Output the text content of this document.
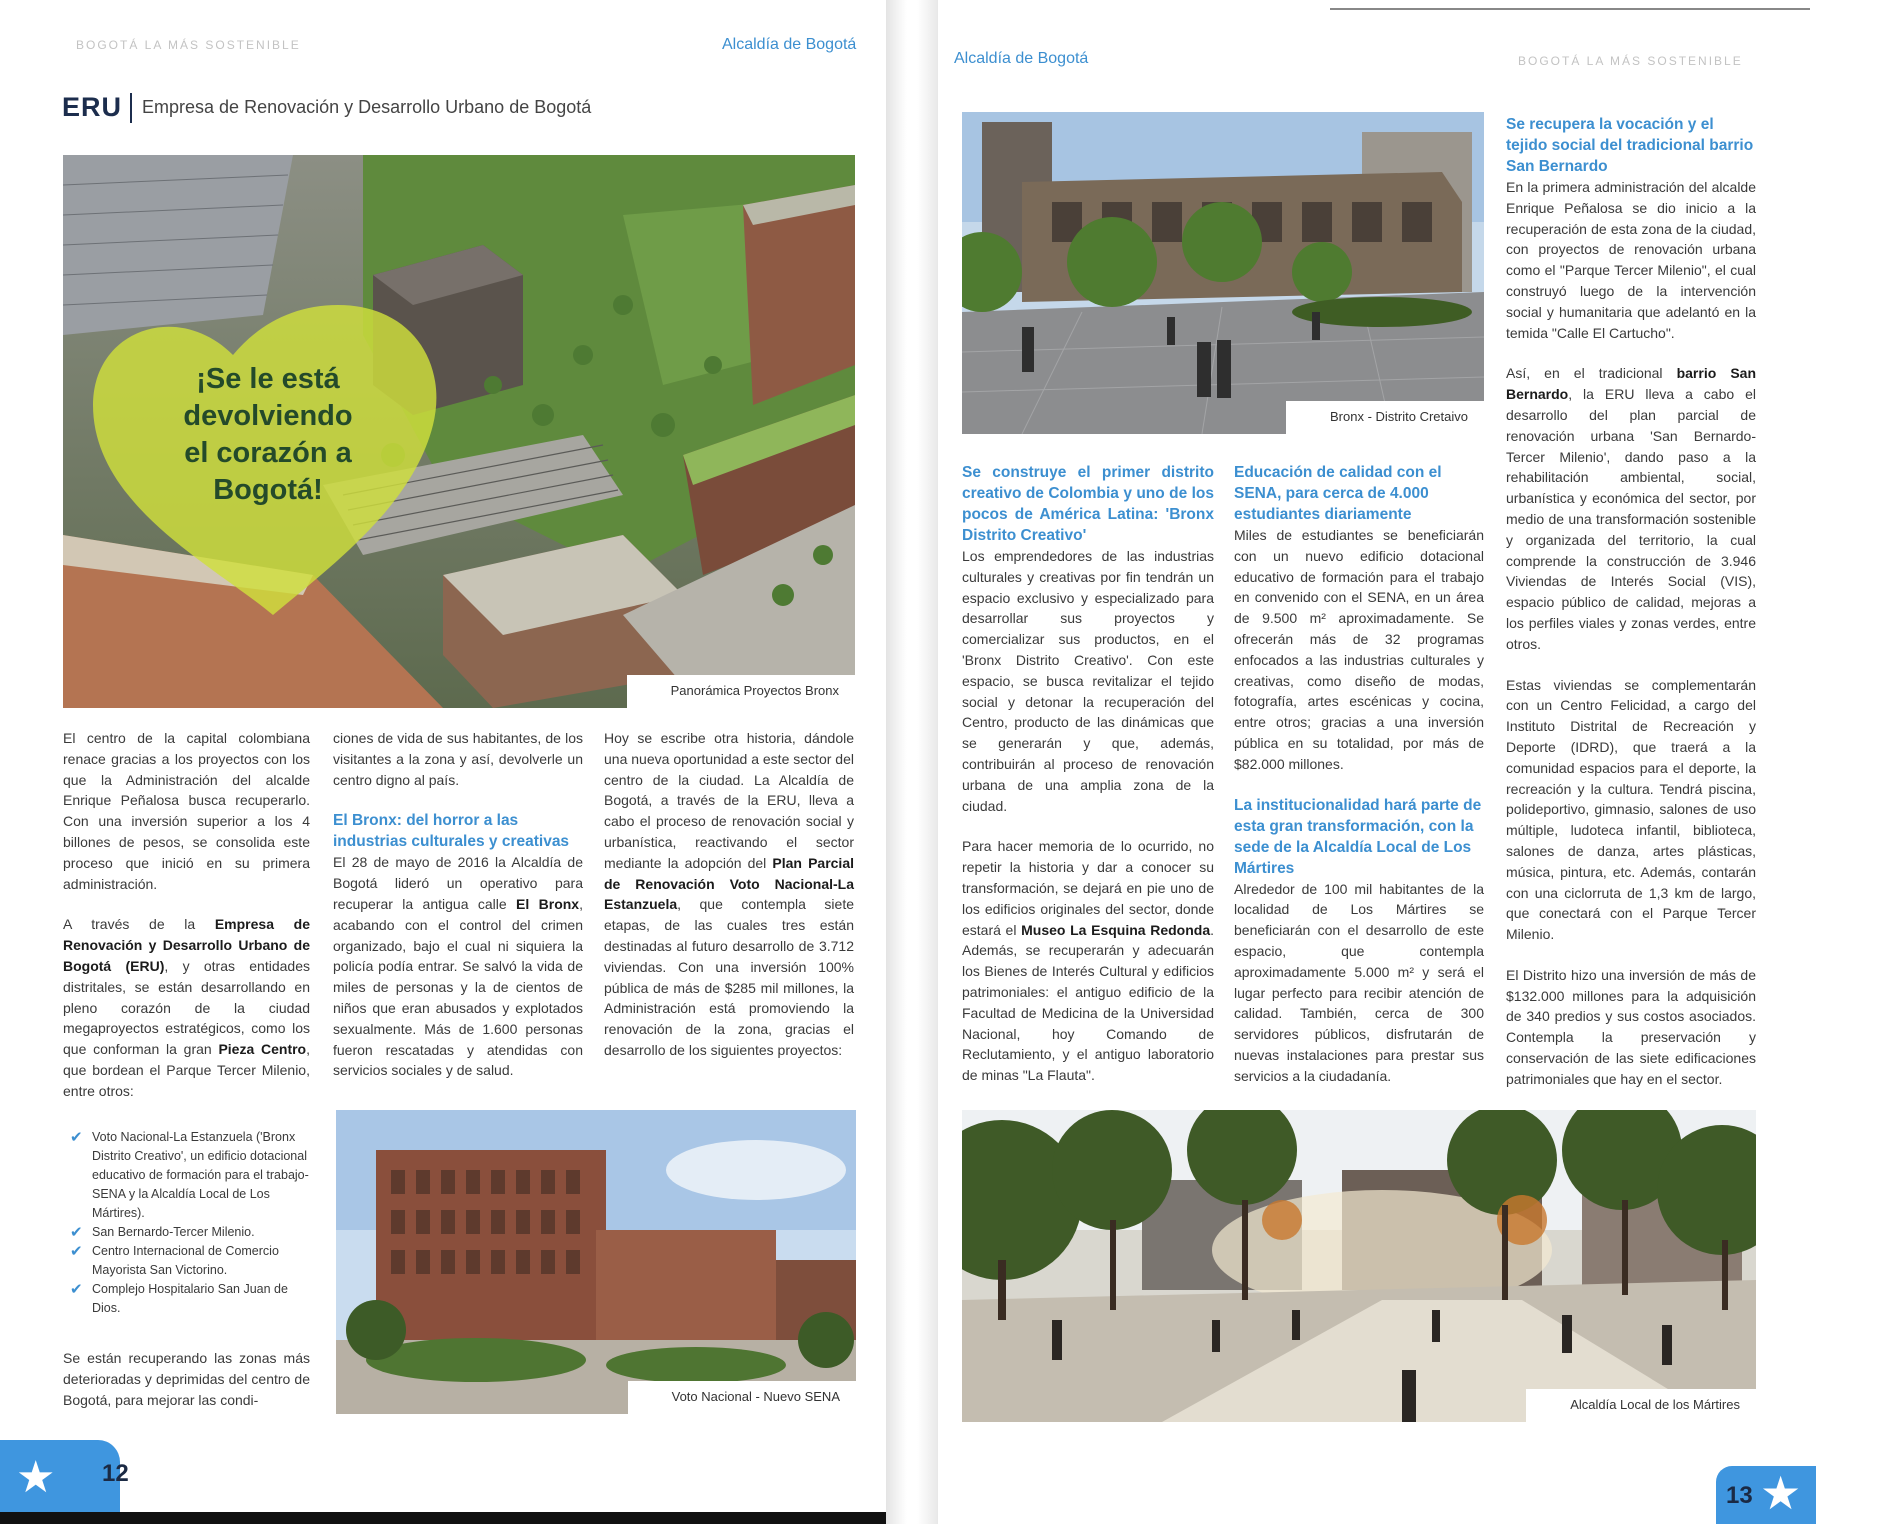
BOGOTÁ LA MÁS SOSTENIBLE	Alcaldía de Bogotá
ERU Empresa de Renovación y Desarrollo Urbano de Bogotá
¡Se le está
devolviendo
el corazón a
Bogotá!
Panorámica Proyectos Bronx

El centro de la capital colombiana renace gracias a los proyectos con los que la Administración del alcalde Enrique Peñalosa busca recuperarlo. Con una inversión superior a los 4 billones de pesos, se consolida este proceso que inició en su primera administración.

A través de la Empresa de Renovación y Desarrollo Urbano de Bogotá (ERU), y otras entidades distritales, se están desarrollando en pleno corazón de la ciudad megaproyectos estratégicos, como los que conforman la gran Pieza Centro, que bordean el Parque Tercer Milenio, entre otros:

✔ Voto Nacional-La Estanzuela ('Bronx Distrito Creativo', un edificio dotacional educativo de formación para el trabajo-SENA y la Alcaldía Local de Los Mártires).
✔ San Bernardo-Tercer Milenio.
✔ Centro Internacional de Comercio Mayorista San Victorino.
✔ Complejo Hospitalario San Juan de Dios.

Se están recuperando las zonas más deterioradas y deprimidas del centro de Bogotá, para mejorar las condi-

ciones de vida de sus habitantes, de los visitantes a la zona y así, devolverle un centro digno al país.

El Bronx: del horror a las industrias culturales y creativas

El 28 de mayo de 2016 la Alcaldía de Bogotá lideró un operativo para recuperar la antigua calle El Bronx, acabando con el control del crimen organizado, bajo el cual ni siquiera la policía podía entrar. Se salvó la vida de miles de personas y la de cientos de niños que eran abusados y explotados sexualmente. Más de 1.600 personas fueron rescatadas y atendidas con servicios sociales y de salud.

Hoy se escribe otra historia, dándole una nueva oportunidad a este sector del centro de la ciudad. La Alcaldía de Bogotá, a través de la ERU, lleva a cabo el proceso de renovación social y urbanística, reactivando el sector mediante la adopción del Plan Parcial de Renovación Voto Nacional-La Estanzuela, que contempla siete etapas, de las cuales tres están destinadas al futuro desarrollo de 3.712 viviendas. Con una inversión 100% pública de más de $285 mil millones, la Administración está promoviendo la renovación de la zona, gracias el desarrollo de los siguientes proyectos:

Voto Nacional - Nuevo SENA
★ 12
Alcaldía de Bogotá	BOGOTÁ LA MÁS SOSTENIBLE
Bronx - Distrito Cretaivo
Se construye el primer distrito creativo de Colombia y uno de los pocos de América Latina: 'Bronx Distrito Creativo'

Los emprendedores de las industrias culturales y creativas por fin tendrán un espacio exclusivo y especializado para desarrollar sus proyectos y comercializar sus productos, en el 'Bronx Distrito Creativo'. Con este espacio, se busca revitalizar el tejido social y detonar la recuperación del Centro, producto de las dinámicas que se generarán y que, además, contribuirán al proceso de renovación urbana de una amplia zona de la ciudad.

Para hacer memoria de lo ocurrido, no repetir la historia y dar a conocer su transformación, se dejará en pie uno de los edificios originales del sector, donde estará el Museo La Esquina Redonda. Además, se recuperarán y adecuarán los Bienes de Interés Cultural y edificios patrimoniales: el antiguo edificio de la Facultad de Medicina de la Universidad Nacional, hoy Comando de Reclutamiento, y el antiguo laboratorio de minas "La Flauta".

Educación de calidad con el SENA, para cerca de 4.000 estudiantes diariamente

Miles de estudiantes se beneficiarán con un nuevo edificio dotacional educativo de formación para el trabajo en convenido con el SENA, en un área de 9.500 m² aproximadamente. Se ofrecerán más de 32 programas enfocados a las industrias culturales y creativas, como diseño de modas, fotografía, artes escénicas y cocina, entre otros; gracias a una inversión pública en su totalidad, por más de $82.000 millones.

La institucionalidad hará parte de esta gran transformación, con la sede de la Alcaldía Local de Los Mártires

Alrededor de 100 mil habitantes de la localidad de Los Mártires se beneficiarán con el desarrollo de este espacio, que contempla aproximadamente 5.000 m² y será el lugar perfecto para recibir atención de calidad. También, cerca de 300 servidores públicos, disfrutarán de nuevas instalaciones para prestar sus servicios a la ciudadanía.

Se recupera la vocación y el tejido social del tradicional barrio San Bernardo

En la primera administración del alcalde Enrique Peñalosa se dio inicio a la recuperación de esta zona de la ciudad, con proyectos de renovación urbana como el "Parque Tercer Milenio", el cual construyó luego de la intervención social y humanitaria que adelantó en la temida "Calle El Cartucho".

Así, en el tradicional barrio San Bernardo, la ERU lleva a cabo el desarrollo del plan parcial de renovación urbana 'San Bernardo-Tercer Milenio', dando paso a la rehabilitación ambiental, social, urbanística y económica del sector, por medio de una transformación sostenible y organizada del territorio, la cual comprende la construcción de 3.946 Viviendas de Interés Social (VIS), espacio público de calidad, mejoras a los perfiles viales y zonas verdes, entre otros.

Estas viviendas se complementarán con un Centro Felicidad, a cargo del Instituto Distrital de Recreación y Deporte (IDRD), que traerá a la comunidad espacios para el deporte, la recreación y la cultura. Tendrá piscina, polideportivo, gimnasio, salones de uso múltiple, ludoteca infantil, biblioteca, salones de danza, artes plásticas, música, pintura, etc. Además, contarán con una ciclorruta de 1,3 km de largo, que conectará con el Parque Tercer Milenio.

El Distrito hizo una inversión de más de $132.000 millones para la adquisición de 340 predios y sus costos asociados. Contempla la preservación y conservación de las siete edificaciones patrimoniales que hay en el sector.

Alcaldía Local de los Mártires
13 ★
